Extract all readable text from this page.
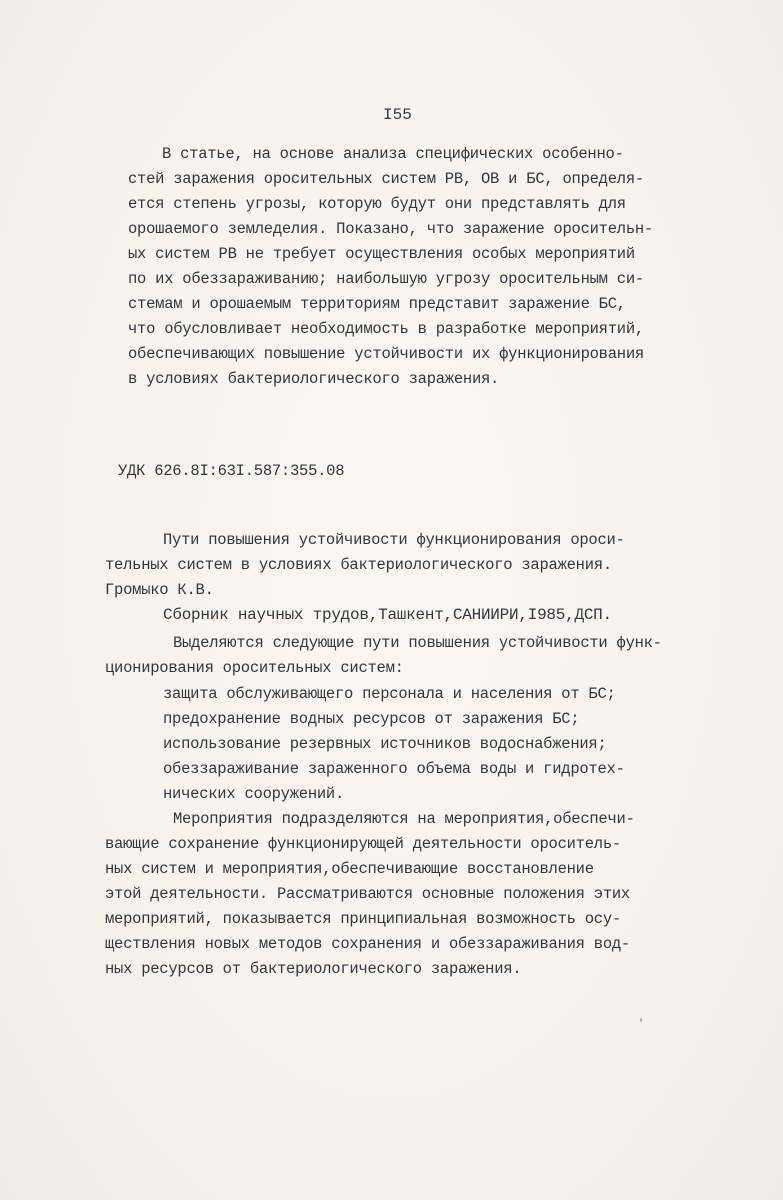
I55
В статье, на основе анализа специфических особенно-
стей заражения оросительных систем РВ, ОВ и БС, определя-
ется степень угрозы, которую будут они представлять для
орошаемого земледелия. Показано, что заражение оросительн-
ых систем РВ не требует осуществления особых мероприятий
по их обеззараживанию; наибольшую угрозу оросительным си-
стемам и орошаемым территориям представит заражение БС,
что обусловливает необходимость в разработке мероприятий,
обеспечивающих повышение устойчивости их функционирования
в условиях бактериологического заражения.
УДК 626.8I:63I.587:355.08
Пути повышения устойчивости функционирования ороси-
тельных систем в условиях бактериологического заражения.
Громыко К.В.
Сборник научных трудов,Ташкент,САНИИРИ,I985,ДСП.
Выделяются следующие пути повышения устойчивости функ-
ционирования оросительных систем:
защита обслуживающего персонала и населения от БС;
предохранение водных ресурсов от заражения БС;
использование резервных источников водоснабжения;
обеззараживание зараженного объема воды и гидротех-
нических сооружений.
Мероприятия подразделяются на мероприятия,обеспечи-
вающие сохранение функционирующей деятельности ороситель-
ных систем и мероприятия,обеспечивающие восстановление
этой деятельности. Рассматриваются основные положения этих
мероприятий, показывается принципиальная возможность осу-
ществления новых методов сохранения и обеззараживания вод-
ных ресурсов от бактериологического заражения.
